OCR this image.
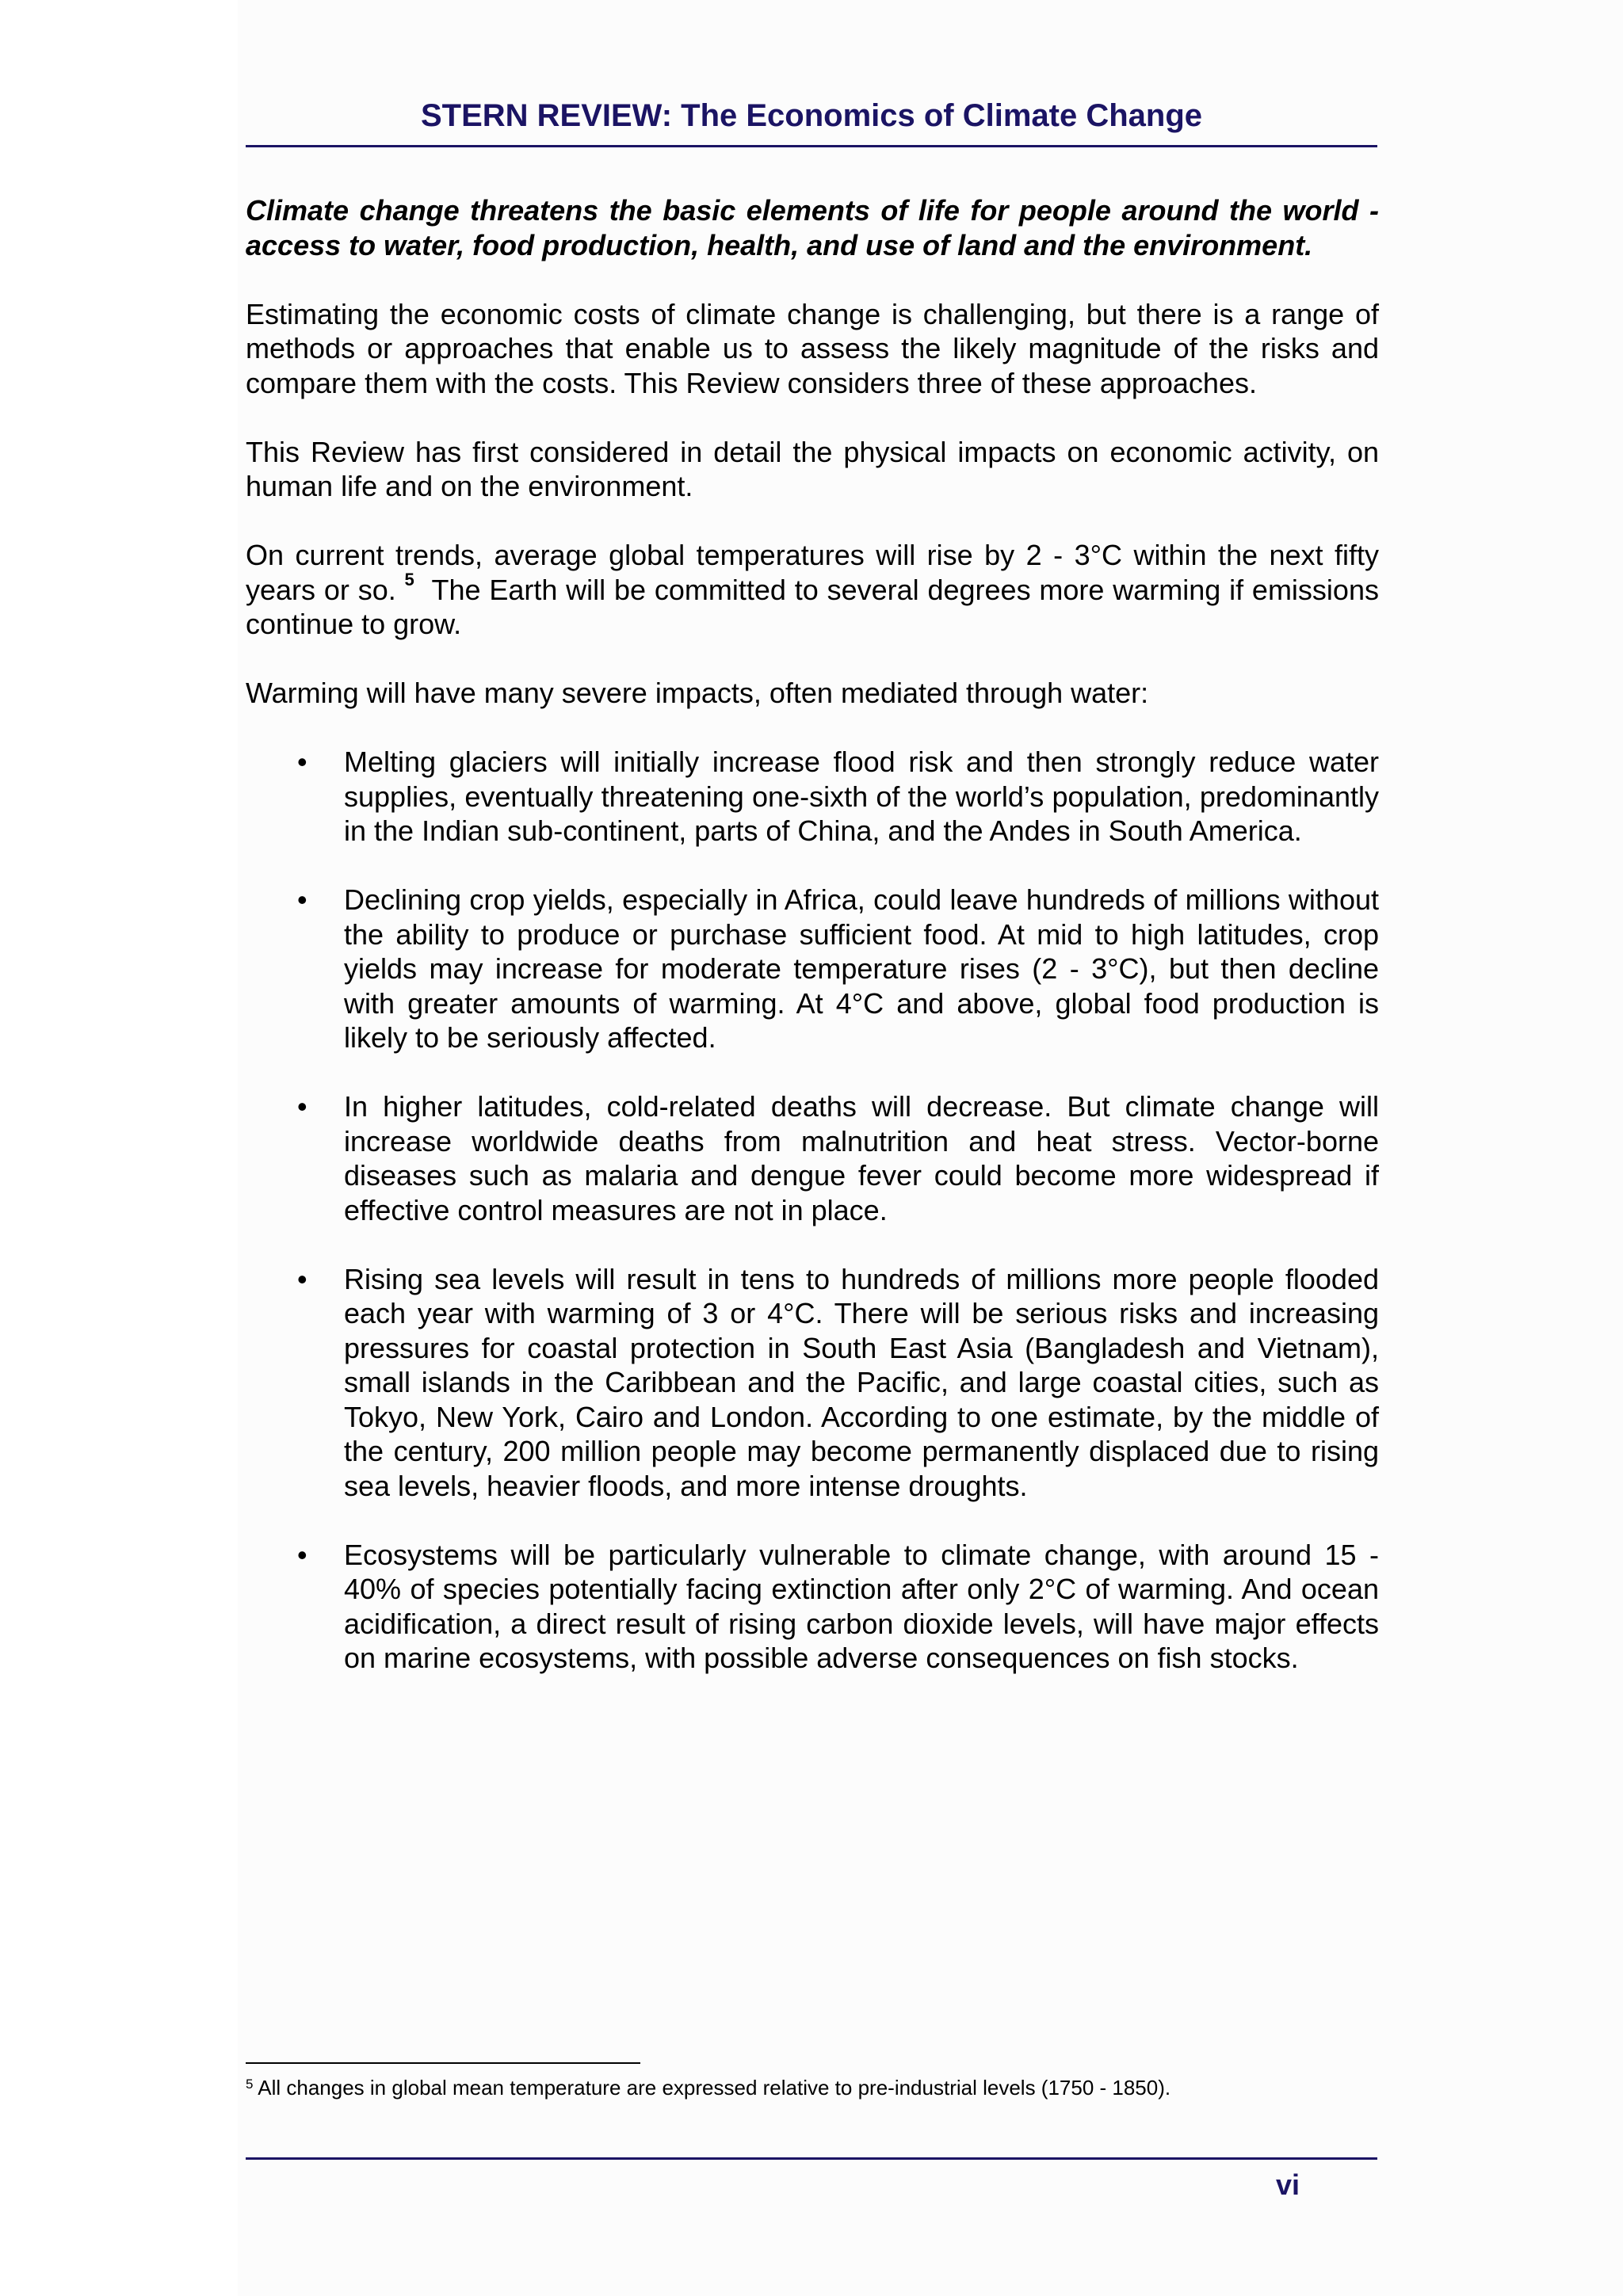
STERN REVIEW: The Economics of Climate Change

Climate change threatens the basic elements of life for people around the world - access to water, food production, health, and use of land and the environment.

Estimating the economic costs of climate change is challenging, but there is a range of methods or approaches that enable us to assess the likely magnitude of the risks and compare them with the costs. This Review considers three of these approaches.

This Review has first considered in detail the physical impacts on economic activity, on human life and on the environment.

On current trends, average global temperatures will rise by 2 - 3°C within the next fifty years or so. $^5$ The Earth will be committed to several degrees more warming if emissions continue to grow.

Warming will have many severe impacts, often mediated through water:

• Melting glaciers will initially increase flood risk and then strongly reduce water supplies, eventually threatening one-sixth of the world’s population, predominantly in the Indian sub-continent, parts of China, and the Andes in South America.
• Declining crop yields, especially in Africa, could leave hundreds of millions without the ability to produce or purchase sufficient food. At mid to high latitudes, crop yields may increase for moderate temperature rises (2 - 3°C), but then decline with greater amounts of warming. At 4°C and above, global food production is likely to be seriously affected.
• In higher latitudes, cold-related deaths will decrease. But climate change will increase worldwide deaths from malnutrition and heat stress. Vector-borne diseases such as malaria and dengue fever could become more widespread if effective control measures are not in place.
• Rising sea levels will result in tens to hundreds of millions more people flooded each year with warming of 3 or 4°C. There will be serious risks and increasing pressures for coastal protection in South East Asia (Bangladesh and Vietnam), small islands in the Caribbean and the Pacific, and large coastal cities, such as Tokyo, New York, Cairo and London. According to one estimate, by the middle of the century, 200 million people may become permanently displaced due to rising sea levels, heavier floods, and more intense droughts.
• Ecosystems will be particularly vulnerable to climate change, with around 15 - 40% of species potentially facing extinction after only 2°C of warming. And ocean acidification, a direct result of rising carbon dioxide levels, will have major effects on marine ecosystems, with possible adverse consequences on fish stocks.
$^5$ All changes in global mean temperature are expressed relative to pre-industrial levels (1750 - 1850).
vi
